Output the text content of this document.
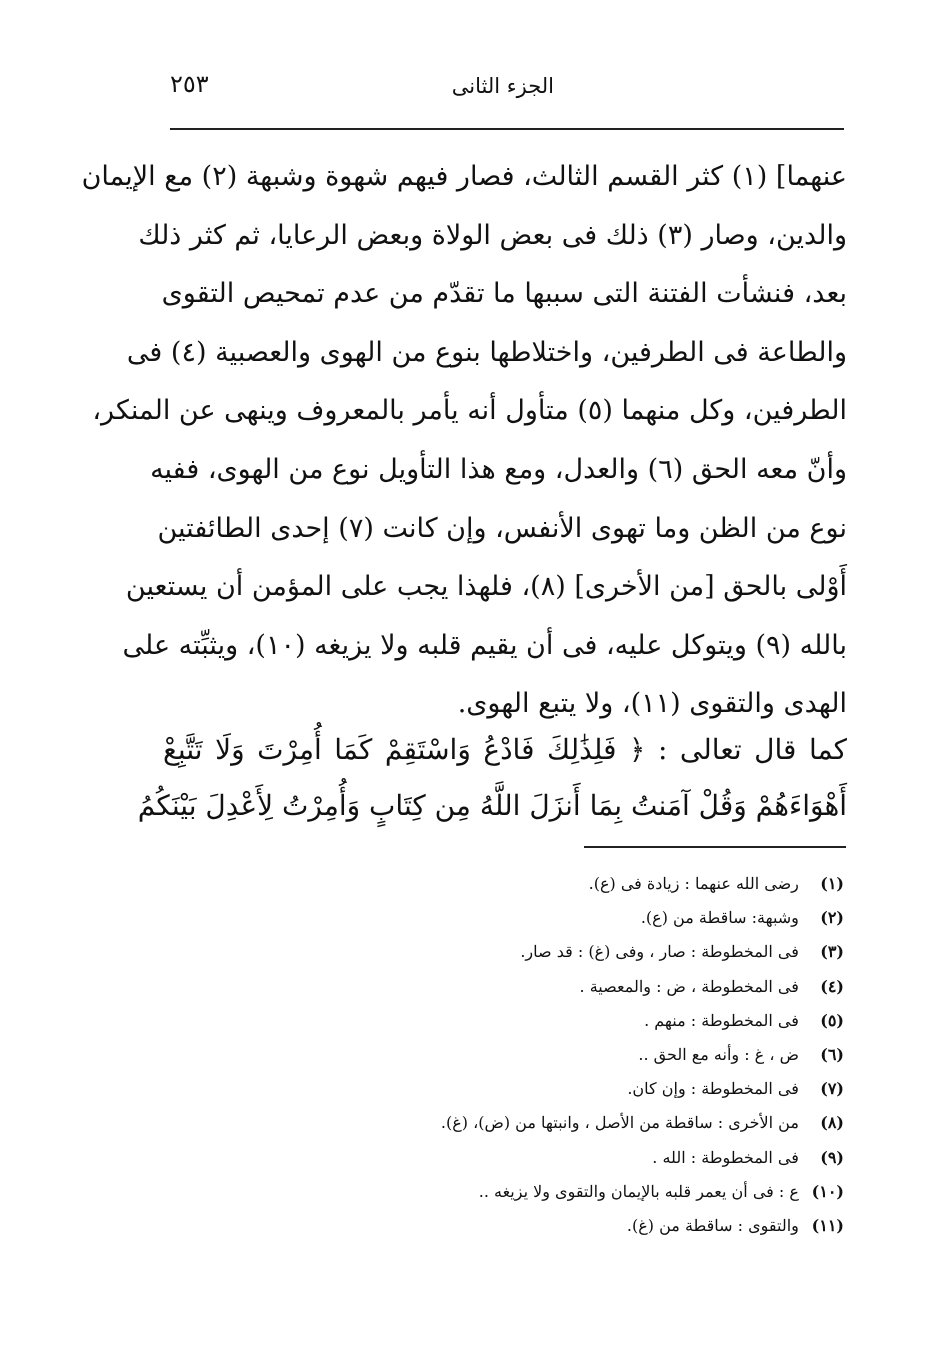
الجزء الثانى
٢٥٣
عنهما] (١) كثر القسم الثالث، فصار فيهم شهوة وشبهة (٢) مع الإيمان
والدين، وصار (٣) ذلك فى بعض الولاة وبعض الرعايا، ثم كثر ذلك
بعد، فنشأت الفتنة التى سببها ما تقدّم من عدم تمحيص التقوى
والطاعة فى الطرفين، واختلاطها بنوع من الهوى والعصبية (٤) فى
الطرفين، وكل منهما (٥) متأول أنه يأمر بالمعروف وينهى عن المنكر،
وأنّ معه الحق (٦) والعدل، ومع هذا التأويل نوع من الهوى، ففيه
نوع من الظن وما تهوى الأنفس، وإن كانت (٧) إحدى الطائفتين
أَوْلى بالحق [من الأخرى] (٨)، فلهذا يجب على المؤمن أن يستعين
بالله (٩) ويتوكل عليه، فى أن يقيم قلبه ولا يزيغه (١٠)، ويثبِّته على
الهدى والتقوى (١١)، ولا يتبع الهوى.
كما قال تعالى : ﴿ فَلِذَٰلِكَ فَادْعُ وَاسْتَقِمْ كَمَا أُمِرْتَ وَلَا تَتَّبِعْ
أَهْوَاءَهُمْ وَقُلْ آمَنتُ بِمَا أَنزَلَ اللَّهُ مِن كِتَابٍ وَأُمِرْتُ لِأَعْدِلَ بَيْنَكُمُ
(١) رضى الله عنهما : زيادة فى (ع).
(٢) وشبهة: ساقطة من (ع).
(٣) فى المخطوطة : صار ، وفى (غ) : قد صار.
(٤) فى المخطوطة ، ض : والمعصية .
(٥) فى المخطوطة : منهم .
(٦) ض ، غ : وأنه مع الحق ..
(٧) فى المخطوطة : وإن كان.
(٨) من الأخرى : ساقطة من الأصل ، وانبتها من (ض)، (غ).
(٩) فى المخطوطة : الله .
(١٠) ع : فى أن يعمر قلبه بالإيمان والتقوى ولا يزيغه ..
(١١) والتقوى : ساقطة من (غ).
